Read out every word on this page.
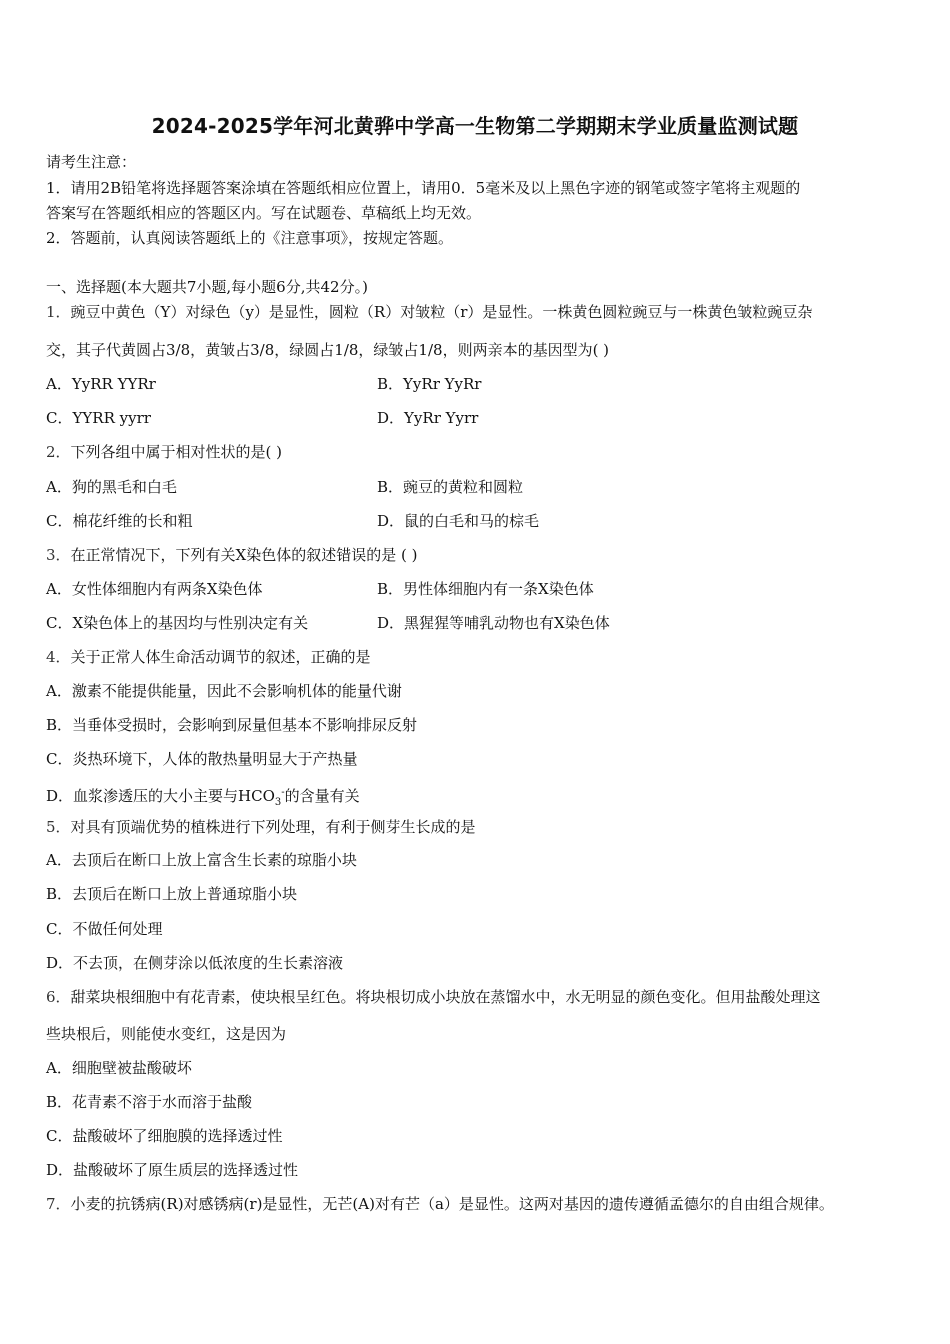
2024-2025学年河北黄骅中学高一生物第二学期期末学业质量监测试题
请考生注意：
1．请用2B铅笔将选择题答案涂填在答题纸相应位置上，请用0．5毫米及以上黑色字迹的钢笔或签字笔将主观题的
答案写在答题纸相应的答题区内。写在试题卷、草稿纸上均无效。
2．答题前，认真阅读答题纸上的《注意事项》，按规定答题。
一、选择题(本大题共7小题,每小题6分,共42分。)
1．豌豆中黄色（Y）对绿色（y）是显性，圆粒（R）对皱粒（r）是显性。一株黄色圆粒豌豆与一株黄色皱粒豌豆杂
交，其子代黄圆占3/8，黄皱占3/8，绿圆占1/8，绿皱占1/8，则两亲本的基因型为( )
A．YyRR YYRr	B．YyRr YyRr
C．YYRR yyrr	D．YyRr Yyrr
2．下列各组中属于相对性状的是( )
A．狗的黑毛和白毛	B．豌豆的黄粒和圆粒
C．棉花纤维的长和粗	D．鼠的白毛和马的棕毛
3．在正常情况下，下列有关X染色体的叙述错误的是 ( )
A．女性体细胞内有两条X染色体	B．男性体细胞内有一条X染色体
C．X染色体上的基因均与性别决定有关	D．黑猩猩等哺乳动物也有X染色体
4．关于正常人体生命活动调节的叙述，正确的是
A．激素不能提供能量，因此不会影响机体的能量代谢
B．当垂体受损时，会影响到尿量但基本不影响排尿反射
C．炎热环境下，人体的散热量明显大于产热量
D．血浆渗透压的大小主要与$HCO_3^-$的含量有关
5．对具有顶端优势的植株进行下列处理，有利于侧芽生长成的是
A．去顶后在断口上放上富含生长素的琼脂小块
B．去顶后在断口上放上普通琼脂小块
C．不做任何处理
D．不去顶，在侧芽涂以低浓度的生长素溶液
6．甜菜块根细胞中有花青素，使块根呈红色。将块根切成小块放在蒸馏水中，水无明显的颜色变化。但用盐酸处理这
些块根后，则能使水变红，这是因为
A．细胞壁被盐酸破坏
B．花青素不溶于水而溶于盐酸
C．盐酸破坏了细胞膜的选择透过性
D．盐酸破坏了原生质层的选择透过性
7．小麦的抗锈病(R)对感锈病(r)是显性，无芒(A)对有芒（a）是显性。这两对基因的遗传遵循孟德尔的自由组合规律。
